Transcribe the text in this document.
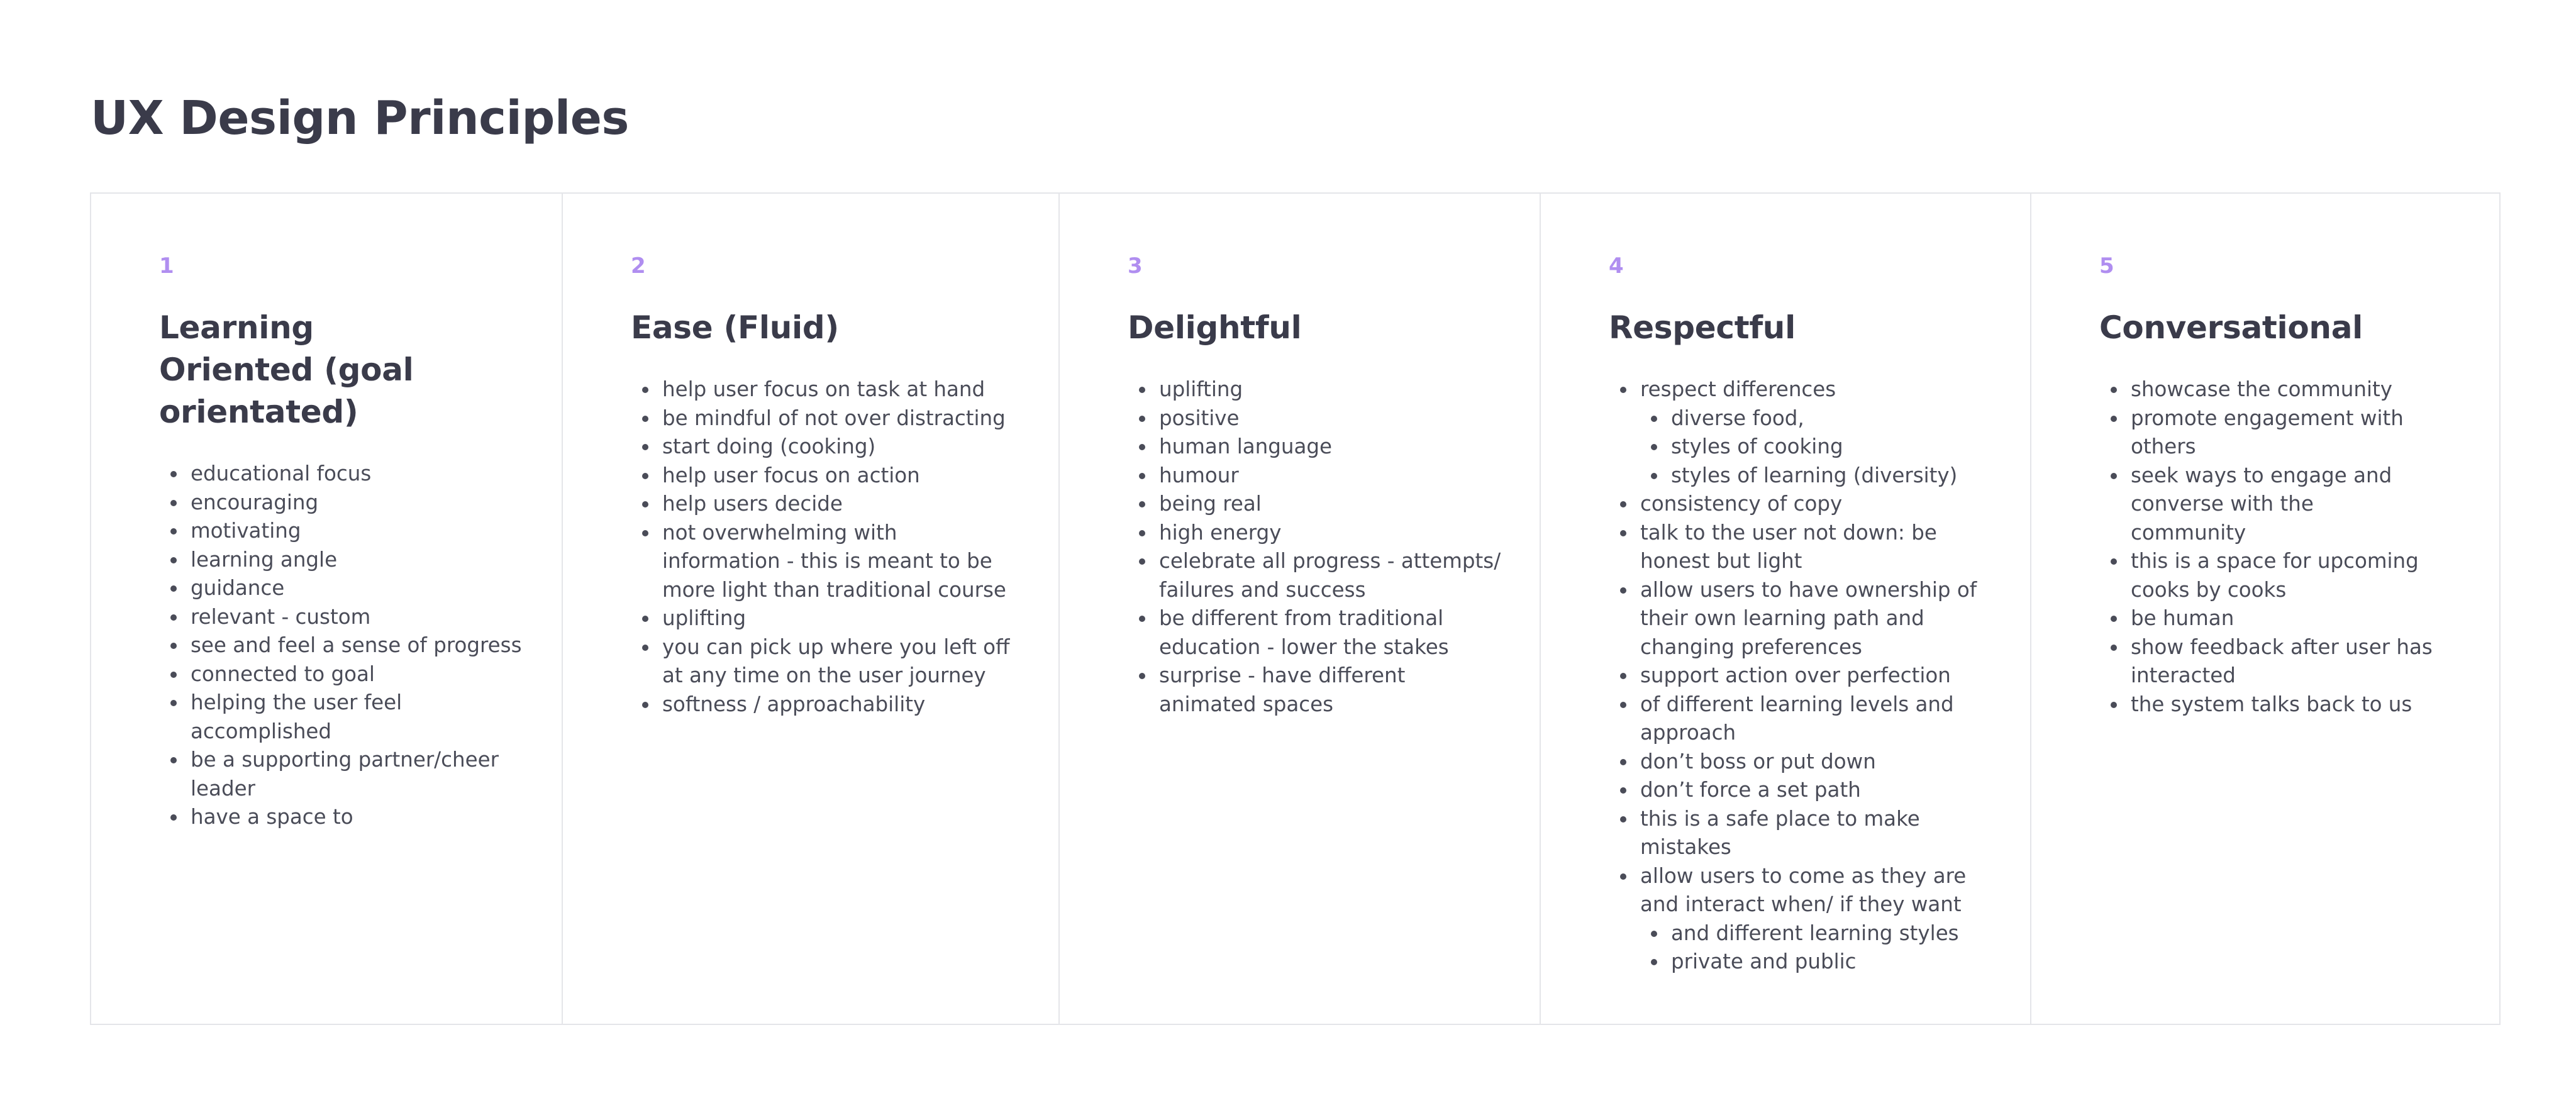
UX Design Principles
1
Learning Oriented (goal orientated)
educational focus
encouraging
motivating
learning angle
guidance
relevant - custom
see and feel a sense of progress
connected to goal
helping the user feel accomplished
be a supporting partner/cheer leader
have a space to
2
Ease (Fluid)
help user focus on task at hand
be mindful of not over distracting
start doing (cooking)
help user focus on action
help users decide
not overwhelming with information - this is meant to be more light than traditional course
uplifting
you can pick up where you left off at any time on the user journey
softness / approachability
3
Delightful
uplifting
positive
human language
humour
being real
high energy
celebrate all progress - attempts/ failures and success
be different from traditional education - lower the stakes
surprise - have different animated spaces
4
Respectful
respect differences
diverse food,
styles of cooking
styles of learning (diversity)
consistency of copy
talk to the user not down: be honest but light
allow users to have ownership of their own learning path and changing preferences
support action over perfection
of different learning levels and approach
don’t boss or put down
don’t force a set path
this is a safe place to make mistakes
allow users to come as they are and interact when/ if they want
and different learning styles
private and public
5
Conversational
showcase the community
promote engagement with others
seek ways to engage and converse with the community
this is a space for upcoming cooks by cooks
be human
show feedback after user has interacted
the system talks back to us
